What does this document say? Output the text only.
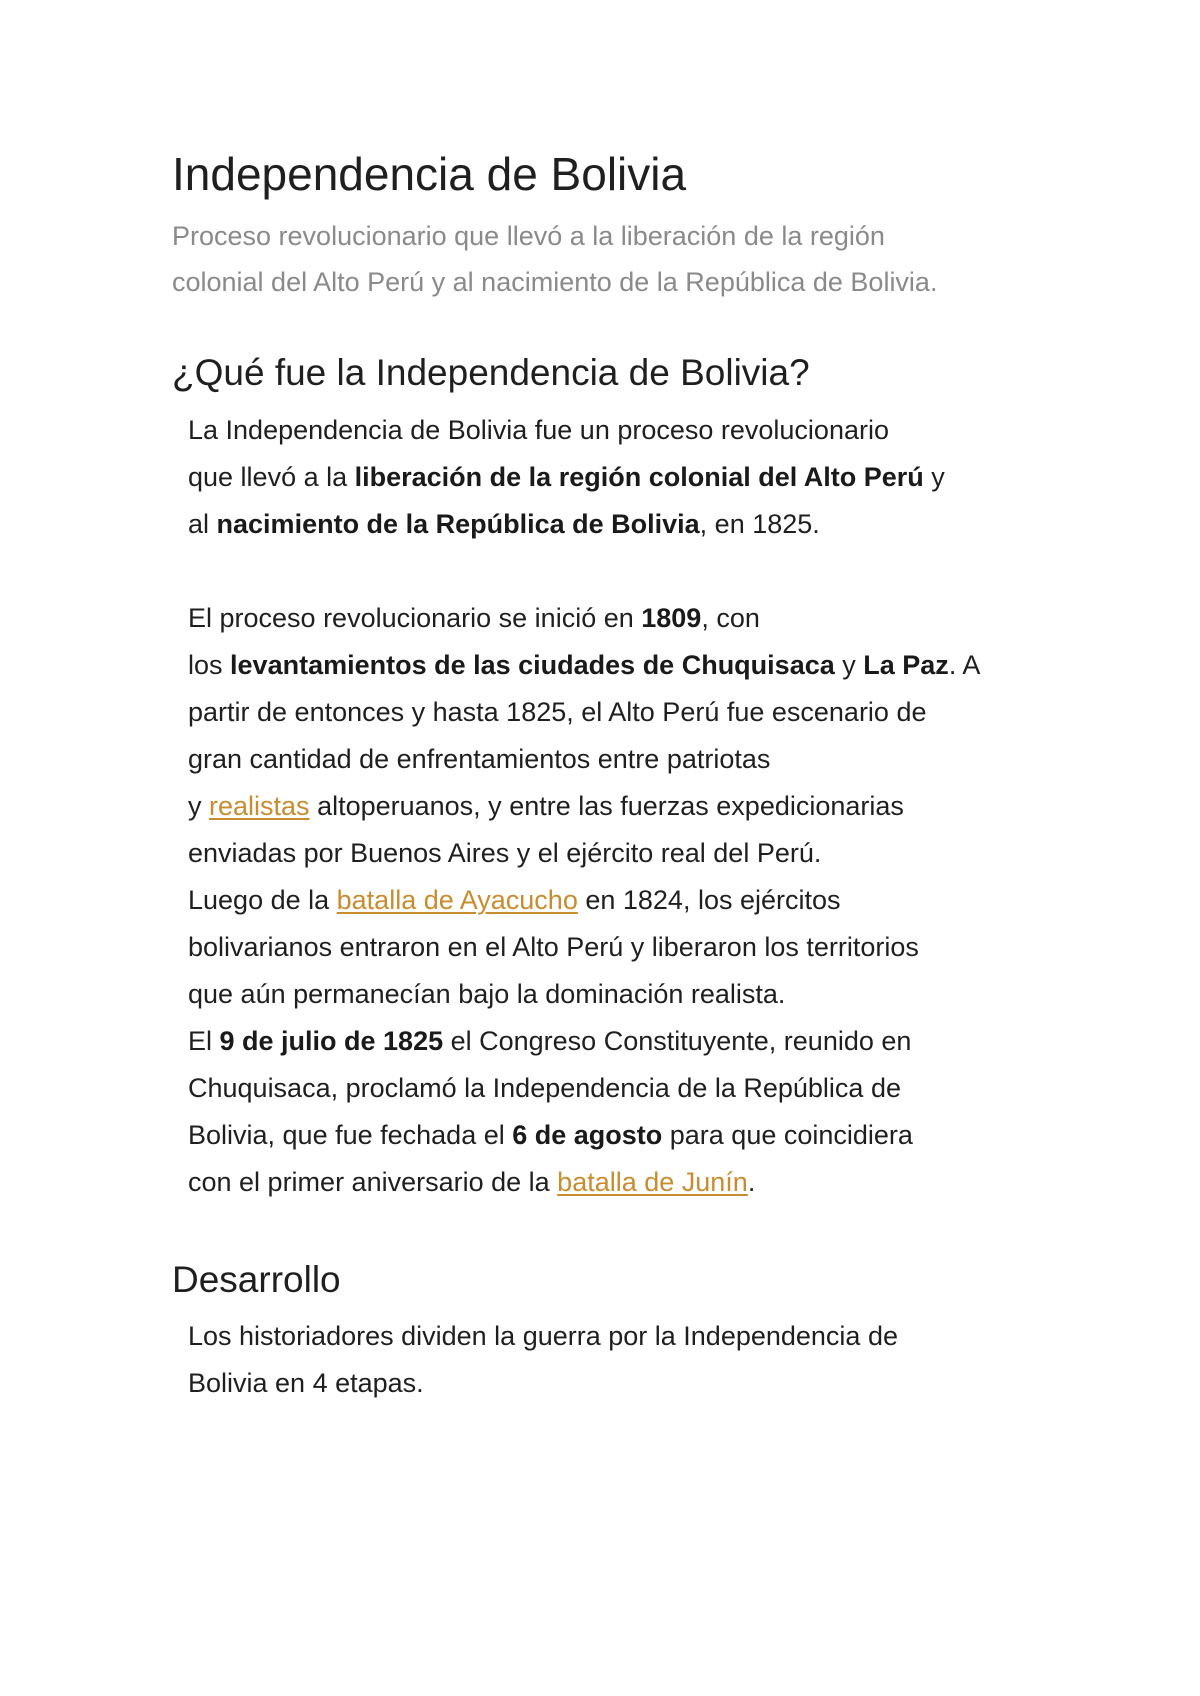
Independencia de Bolivia
Proceso revolucionario que llevó a la liberación de la región
colonial del Alto Perú y al nacimiento de la República de Bolivia.
¿Qué fue la Independencia de Bolivia?
La Independencia de Bolivia fue un proceso revolucionario
que llevó a la liberación de la región colonial del Alto Perú y
al nacimiento de la República de Bolivia, en 1825.
El proceso revolucionario se inició en 1809, con
los levantamientos de las ciudades de Chuquisaca y La Paz. A
partir de entonces y hasta 1825, el Alto Perú fue escenario de
gran cantidad de enfrentamientos entre patriotas
y realistas altoperuanos, y entre las fuerzas expedicionarias
enviadas por Buenos Aires y el ejército real del Perú.
Luego de la batalla de Ayacucho en 1824, los ejércitos
bolivarianos entraron en el Alto Perú y liberaron los territorios
que aún permanecían bajo la dominación realista.
El 9 de julio de 1825 el Congreso Constituyente, reunido en
Chuquisaca, proclamó la Independencia de la República de
Bolivia, que fue fechada el 6 de agosto para que coincidiera
con el primer aniversario de la batalla de Junín.
Desarrollo
Los historiadores dividen la guerra por la Independencia de
Bolivia en 4 etapas.
